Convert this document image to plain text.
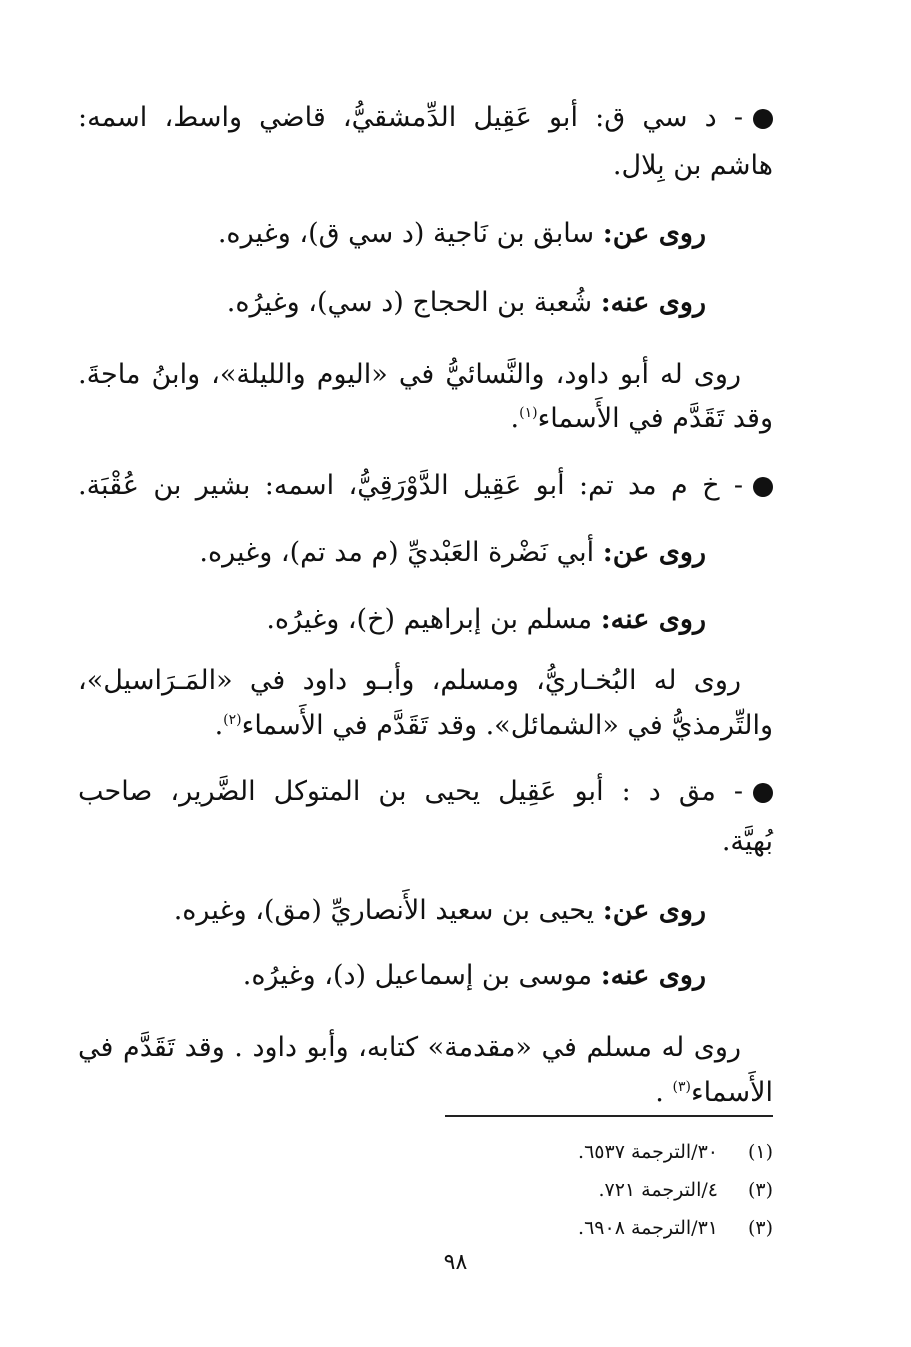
- د سي ق: أبو عَقِيل الدِّمشقيُّ، قاضي واسط، اسمه:
هاشم بن بِلال.
روى عن: سابق بن نَاجية (د سي ق)، وغيره.
روى عنه: شُعبة بن الحجاج (د سي)، وغيرُه.
روى له أبو داود، والنَّسائيُّ في «اليوم والليلة»، وابنُ ماجةَ.
وقد تَقَدَّم في الأَسماء$^{(١)}$.
- خ م مد تم: أبو عَقِيل الدَّوْرَقِيُّ، اسمه: بشير بن عُقْبَة.
روى عن: أبي نَضْرة العَبْديِّ (م مد تم)، وغيره.
روى عنه: مسلم بن إبراهيم (خ)، وغيرُه.
روى له البُخـاريُّ، ومسلم، وأبـو داود في «المَـرَاسيل»،
والتِّرمذيُّ في «الشمائل». وقد تَقَدَّم في الأَسماء$^{(٢)}$.
- مق د : أبو عَقِيل يحيى بن المتوكل الضَّرير، صاحب
بُهيَّة.
روى عن: يحيى بن سعيد الأَنصاريِّ (مق)، وغيره.
روى عنه: موسى بن إسماعيل (د)، وغيرُه.
روى له مسلم في «مقدمة» كتابه، وأبو داود . وقد تَقَدَّم في
الأَسماء$^{(٣)}$ .
(١)٣٠/الترجمة ٦٥٣٧.
(٣)٤/الترجمة ٧٢١.
(٣)٣١/الترجمة ٦٩٠٨.
٩٨
